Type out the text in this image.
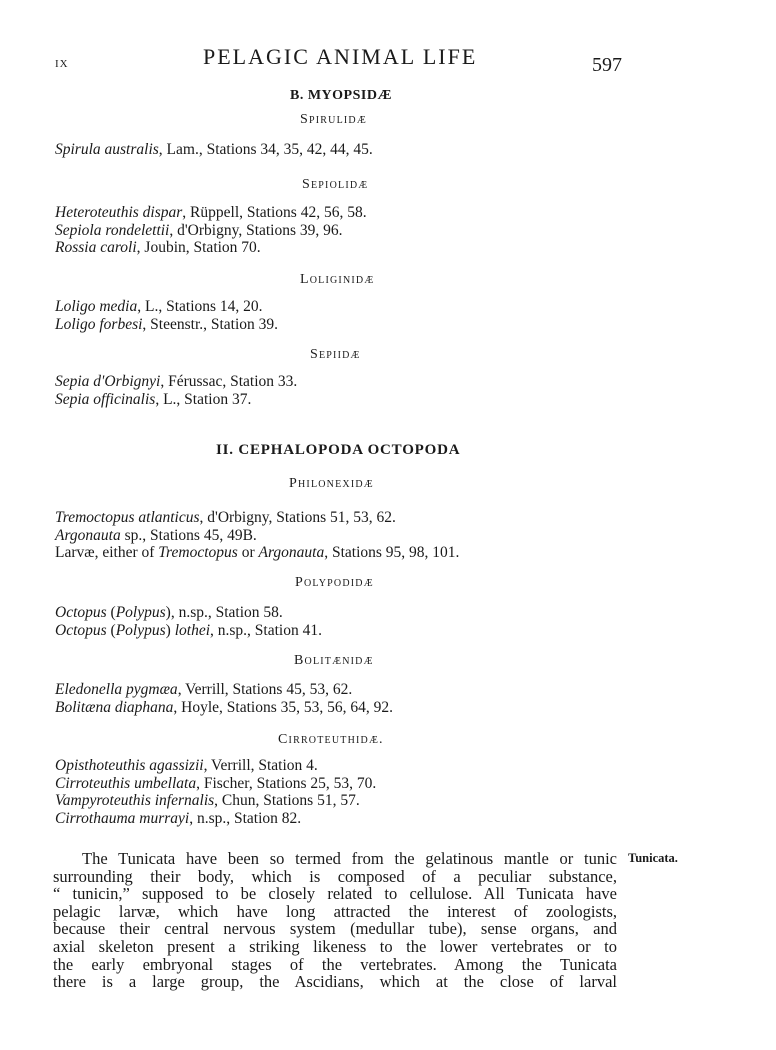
ix	PELAGIC ANIMAL LIFE	597
B. MYOPSIDÆ
Spirulidæ
Spirula australis, Lam., Stations 34, 35, 42, 44, 45.
Sepiolidæ
Heteroteuthis dispar, Rüppell, Stations 42, 56, 58.
Sepiola rondelettii, d'Orbigny, Stations 39, 96.
Rossia caroli, Joubin, Station 70.
Loliginidæ
Loligo media, L., Stations 14, 20.
Loligo forbesi, Steenstr., Station 39.
Sepiidæ
Sepia d'Orbignyi, Férussac, Station 33.
Sepia officinalis, L., Station 37.
Philonexidæ
Tremoctopus atlanticus, d'Orbigny, Stations 51, 53, 62.
Argonauta sp., Stations 45, 49B.
Larvæ, either of Tremoctopus or Argonauta, Stations 95, 98, 101.
Polypodidæ
Octopus (Polypus), n.sp., Station 58.
Octopus (Polypus) lothei, n.sp., Station 41.
Bolitænidæ
Eledonella pygmæa, Verrill, Stations 45, 53, 62.
Bolitæna diaphana, Hoyle, Stations 35, 53, 56, 64, 92.
Cirroteuthidæ.
Opisthoteuthis agassizii, Verrill, Station 4.
Cirroteuthis umbellata, Fischer, Stations 25, 53, 70.
Vampyroteuthis infernalis, Chun, Stations 51, 57.
Cirrothauma murrayi, n.sp., Station 82.
II. CEPHALOPODA OCTOPODA
The Tunicata have been so termed from the gelatinous mantle or tunic
surrounding their body, which is composed of a peculiar substance,
“ tunicin,” supposed to be closely related to cellulose. All Tunicata have
pelagic larvæ, which have long attracted the interest of zoologists,
because their central nervous system (medullar tube), sense organs, and
axial skeleton present a striking likeness to the lower vertebrates or to
the early embryonal stages of the vertebrates. Among the Tunicata
there is a large group, the Ascidians, which at the close of larval
Tunicata.
